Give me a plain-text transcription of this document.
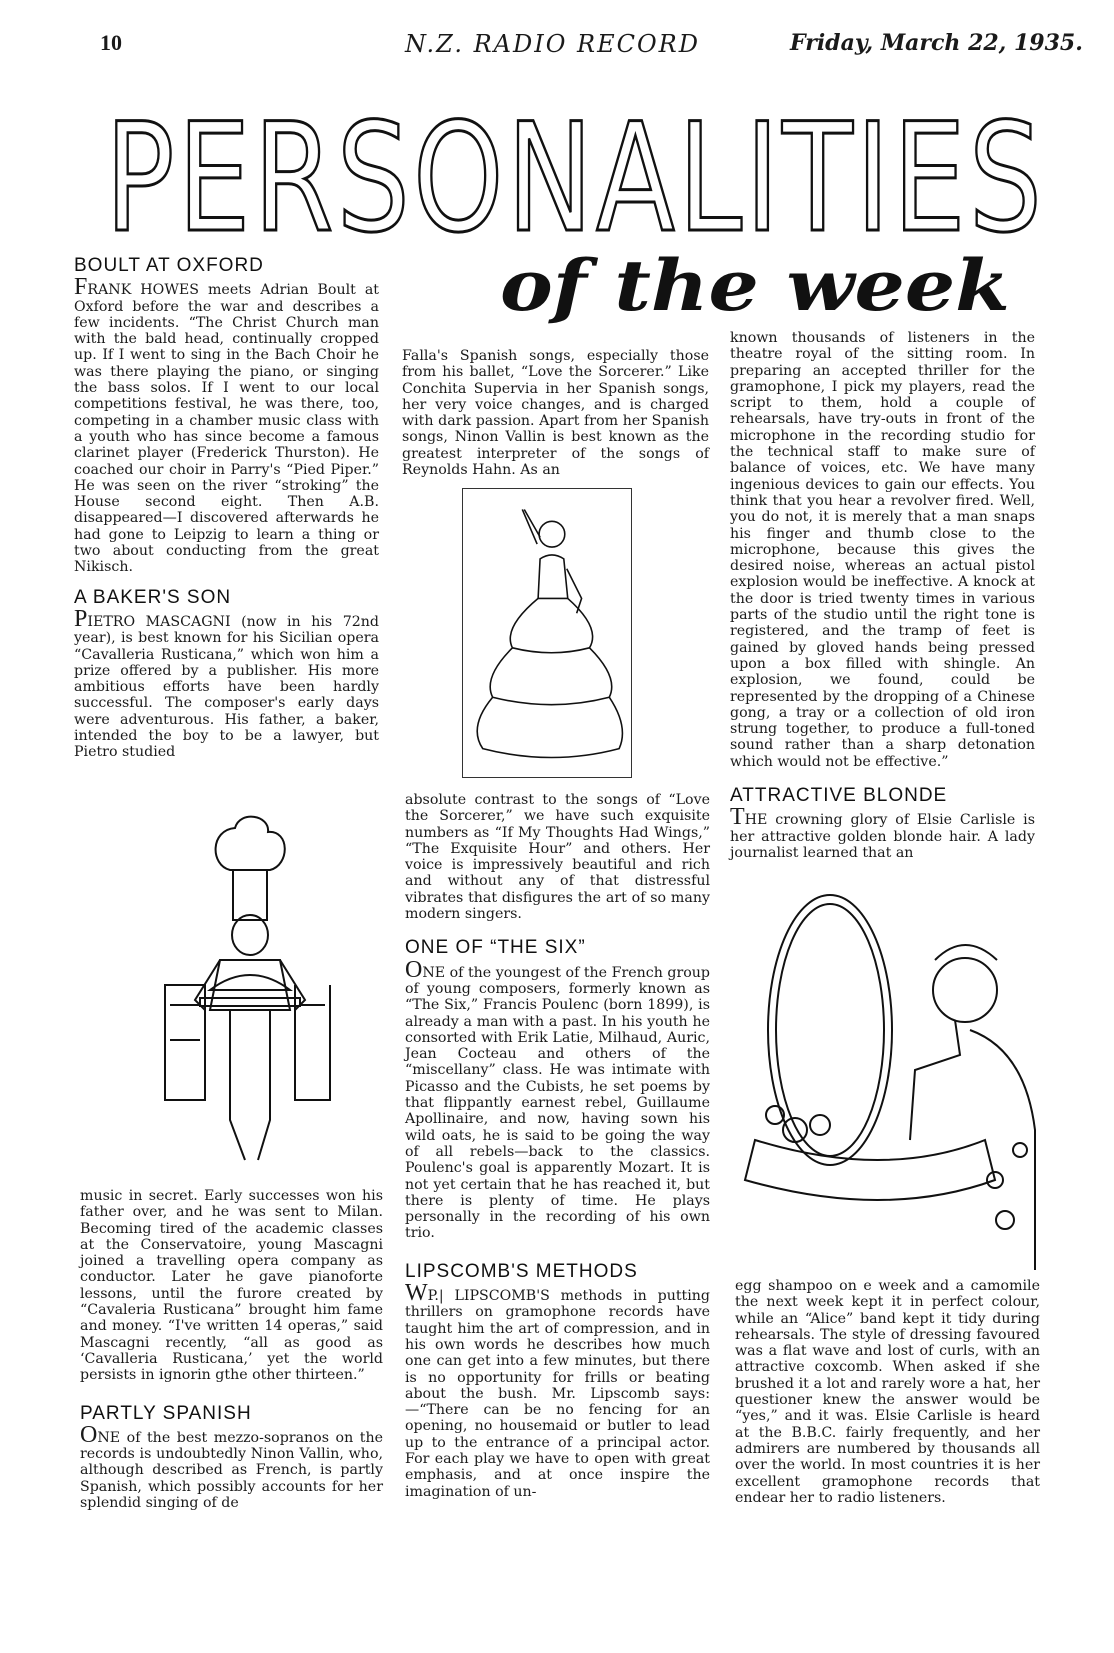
10	N.Z. RADIO RECORD	Friday, March 22, 1935.
PERSONALITIES
of the week
BOULT AT OXFORD

FRANK HOWES meets Adrian Boult at Oxford before the war and describes a few incidents. “The Christ Church man with the bald head, continually cropped up. If I went to sing in the Bach Choir he was there playing the piano, or singing the bass solos. If I went to our local competitions festival, he was there, too, competing in a chamber music class with a youth who has since become a famous clarinet player (Frederick Thurston). He coached our choir in Parry's “Pied Piper.” He was seen on the river “stroking” the House second eight. Then A.B. disappeared—I discovered afterwards he had gone to Leipzig to learn a thing or two about conducting from the great Nikisch.

A BAKER'S SON

PIETRO MASCAGNI (now in his 72nd year), is best known for his Sicilian opera “Cavalleria Rusticana,” which won him a prize offered by a publisher. His more ambitious efforts have been hardly successful. The composer's early days were adventurous. His father, a baker, intended the boy to be a lawyer, but Pietro studied

music in secret. Early successes won his father over, and he was sent to Milan. Becoming tired of the academic classes at the Conservatoire, young Mascagni joined a travelling opera company as conductor. Later he gave pianoforte lessons, until the furore created by “Cavaleria Rusticana” brought him fame and money. “I've written 14 operas,” said Mascagni recently, “all as good as ‘Cavalleria Rusticana,’ yet the world persists in ignorin gthe other thirteen.”

PARTLY SPANISH

ONE of the best mezzo-sopranos on the records is undoubtedly Ninon Vallin, who, although described as French, is partly Spanish, which possibly accounts for her splendid singing of de

Falla's Spanish songs, especially those from his ballet, “Love the Sorcerer.” Like Conchita Supervia in her Spanish songs, her very voice changes, and is charged with dark passion. Apart from her Spanish songs, Ninon Vallin is best known as the greatest interpreter of the songs of Reynolds Hahn. As an

absolute contrast to the songs of “Love the Sorcerer,” we have such exquisite numbers as “If My Thoughts Had Wings,” “The Exquisite Hour” and others. Her voice is impressively beautiful and rich and without any of that distressful vibrates that disfigures the art of so many modern singers.

ONE OF “THE SIX”

ONE of the youngest of the French group of young composers, formerly known as “The Six,” Francis Poulenc (born 1899), is already a man with a past. In his youth he consorted with Erik Latie, Milhaud, Auric, Jean Cocteau and others of the “miscellany” class. He was intimate with Picasso and the Cubists, he set poems by that flippantly earnest rebel, Guillaume Apollinaire, and now, having sown his wild oats, he is said to be going the way of all rebels—back to the classics. Poulenc's goal is apparently Mozart. It is not yet certain that he has reached it, but there is plenty of time. He plays personally in the recording of his own trio.

LIPSCOMB'S METHODS

WP.| LIPSCOMB'S methods in putting thrillers on gramophone records have taught him the art of compression, and in his own words he describes how much one can get into a few minutes, but there is no opportunity for frills or beating about the bush. Mr. Lipscomb says:—“There can be no fencing for an opening, no housemaid or butler to lead up to the entrance of a principal actor. For each play we have to open with great emphasis, and at once inspire the imagination of un-

known thousands of listeners in the theatre royal of the sitting room. In preparing an accepted thriller for the gramophone, I pick my players, read the script to them, hold a couple of rehearsals, have try-outs in front of the microphone in the recording studio for the technical staff to make sure of balance of voices, etc. We have many ingenious devices to gain our effects. You think that you hear a revolver fired. Well, you do not, it is merely that a man snaps his finger and thumb close to the microphone, because this gives the desired noise, whereas an actual pistol explosion would be ineffective. A knock at the door is tried twenty times in various parts of the studio until the right tone is registered, and the tramp of feet is gained by gloved hands being pressed upon a box filled with shingle. An explosion, we found, could be represented by the dropping of a Chinese gong, a tray or a collection of old iron strung together, to produce a full-toned sound rather than a sharp detonation which would not be effective.”

ATTRACTIVE BLONDE

THE crowning glory of Elsie Carlisle is her attractive golden blonde hair. A lady journalist learned that an

egg shampoo on e week and a camomile the next week kept it in perfect colour, while an “Alice” band kept it tidy during rehearsals. The style of dressing favoured was a flat wave and lost of curls, with an attractive coxcomb. When asked if she brushed it a lot and rarely wore a hat, her questioner knew the answer would be “yes,” and it was. Elsie Carlisle is heard at the B.B.C. fairly frequently, and her admirers are numbered by thousands all over the world. In most countries it is her excellent gramophone records that endear her to radio listeners.
